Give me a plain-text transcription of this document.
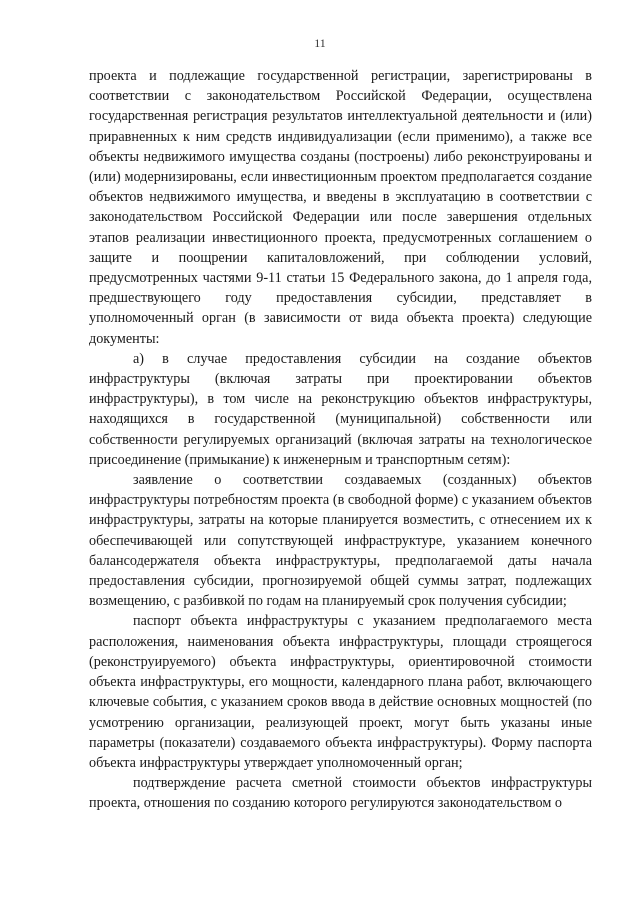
11

проекта и подлежащие государственной регистрации, зарегистрированы в соответствии с законодательством Российской Федерации, осуществлена государственная регистрация результатов интеллектуальной деятельности и (или) приравненных к ним средств индивидуализации (если применимо), а также все объекты недвижимого имущества созданы (построены) либо реконструированы и (или) модернизированы, если инвестиционным проектом предполагается создание объектов недвижимого имущества, и введены в эксплуатацию в соответствии с законодательством Российской Федерации или после завершения отдельных этапов реализации инвестиционного проекта, предусмотренных соглашением о защите и поощрении капиталовложений, при соблюдении условий, предусмотренных частями 9-11 статьи 15 Федерального закона, до 1 апреля года, предшествующего году предоставления субсидии, представляет в уполномоченный орган (в зависимости от вида объекта проекта) следующие документы:

а) в случае предоставления субсидии на создание объектов инфраструктуры (включая затраты при проектировании объектов инфраструктуры), в том числе на реконструкцию объектов инфраструктуры, находящихся в государственной (муниципальной) собственности или собственности регулируемых организаций (включая затраты на технологическое присоединение (примыкание) к инженерным и транспортным сетям):

заявление о соответствии создаваемых (созданных) объектов инфраструктуры потребностям проекта (в свободной форме) с указанием объектов инфраструктуры, затраты на которые планируется возместить, с отнесением их к обеспечивающей или сопутствующей инфраструктуре, указанием конечного балансодержателя объекта инфраструктуры, предполагаемой даты начала предоставления субсидии, прогнозируемой общей суммы затрат, подлежащих возмещению, с разбивкой по годам на планируемый срок получения субсидии;

паспорт объекта инфраструктуры с указанием предполагаемого места расположения, наименования объекта инфраструктуры, площади строящегося (реконструируемого) объекта инфраструктуры, ориентировочной стоимости объекта инфраструктуры, его мощности, календарного плана работ, включающего ключевые события, с указанием сроков ввода в действие основных мощностей (по усмотрению организации, реализующей проект, могут быть указаны иные параметры (показатели) создаваемого объекта инфраструктуры). Форму паспорта объекта инфраструктуры утверждает уполномоченный орган;

подтверждение расчета сметной стоимости объектов инфраструктуры проекта, отношения по созданию которого регулируются законодательством о
